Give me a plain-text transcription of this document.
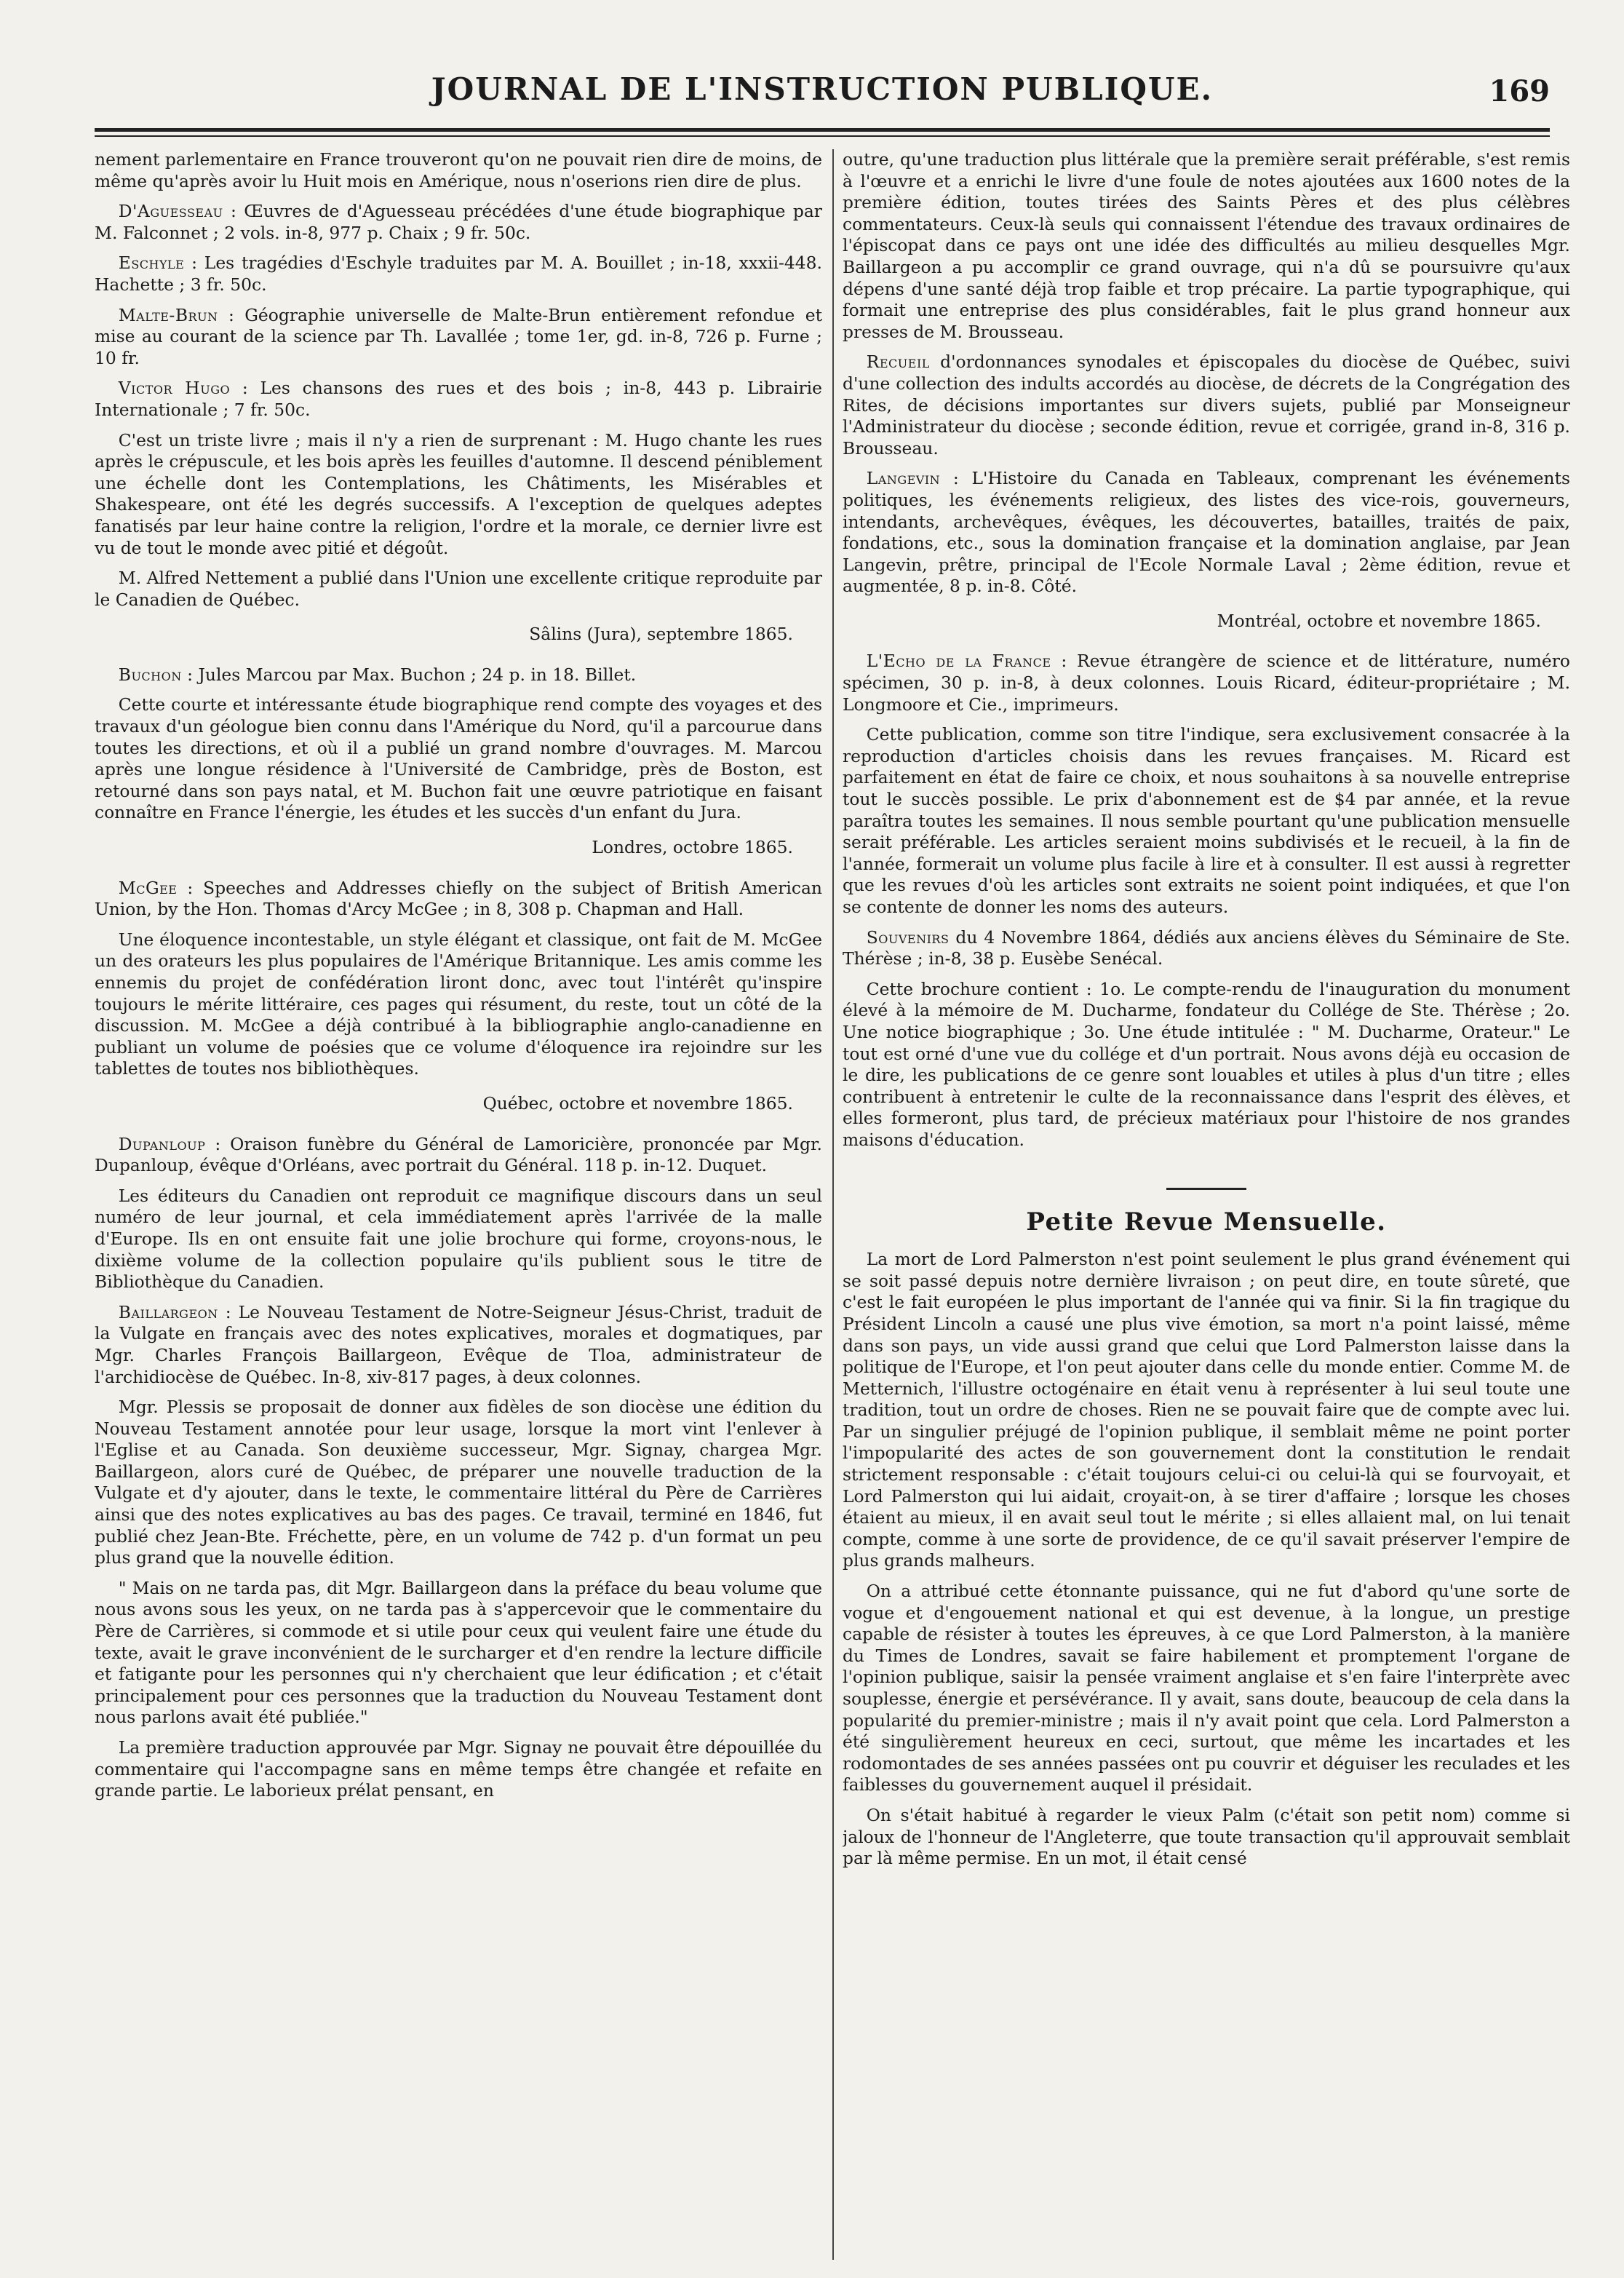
JOURNAL DE L'INSTRUCTION PUBLIQUE.	169

nement parlementaire en France trouveront qu'on ne pouvait rien dire de moins, de même qu'après avoir lu Huit mois en Amérique, nous n'oserions rien dire de plus.

D'Aguesseau : Œuvres de d'Aguesseau précédées d'une étude biographique par M. Falconnet ; 2 vols. in-8, 977 p. Chaix ; 9 fr. 50c.

Eschyle : Les tragédies d'Eschyle traduites par M. A. Bouillet ; in-18, xxxii-448. Hachette ; 3 fr. 50c.

Malte-Brun : Géographie universelle de Malte-Brun entièrement refondue et mise au courant de la science par Th. Lavallée ; tome 1er, gd. in-8, 726 p. Furne ; 10 fr.

Victor Hugo : Les chansons des rues et des bois ; in-8, 443 p. Librairie Internationale ; 7 fr. 50c.

C'est un triste livre ; mais il n'y a rien de surprenant : M. Hugo chante les rues après le crépuscule, et les bois après les feuilles d'automne. Il descend péniblement une échelle dont les Contemplations, les Châtiments, les Misérables et Shakespeare, ont été les degrés successifs. A l'exception de quelques adeptes fanatisés par leur haine contre la religion, l'ordre et la morale, ce dernier livre est vu de tout le monde avec pitié et dégoût.

M. Alfred Nettement a publié dans l'Union une excellente critique reproduite par le Canadien de Québec.

Sâlins (Jura), septembre 1865.

Buchon : Jules Marcou par Max. Buchon ; 24 p. in 18. Billet.

Cette courte et intéressante étude biographique rend compte des voyages et des travaux d'un géologue bien connu dans l'Amérique du Nord, qu'il a parcourue dans toutes les directions, et où il a publié un grand nombre d'ouvrages. M. Marcou après une longue résidence à l'Université de Cambridge, près de Boston, est retourné dans son pays natal, et M. Buchon fait une œuvre patriotique en faisant connaître en France l'énergie, les études et les succès d'un enfant du Jura.

Londres, octobre 1865.

McGee : Speeches and Addresses chiefly on the subject of British American Union, by the Hon. Thomas d'Arcy McGee ; in 8, 308 p. Chapman and Hall.

Une éloquence incontestable, un style élégant et classique, ont fait de M. McGee un des orateurs les plus populaires de l'Amérique Britannique. Les amis comme les ennemis du projet de confédération liront donc, avec tout l'intérêt qu'inspire toujours le mérite littéraire, ces pages qui résument, du reste, tout un côté de la discussion. M. McGee a déjà contribué à la bibliographie anglo-canadienne en publiant un volume de poésies que ce volume d'éloquence ira rejoindre sur les tablettes de toutes nos bibliothèques.

Québec, octobre et novembre 1865.

Dupanloup : Oraison funèbre du Général de Lamoricière, prononcée par Mgr. Dupanloup, évêque d'Orléans, avec portrait du Général. 118 p. in-12. Duquet.

Les éditeurs du Canadien ont reproduit ce magnifique discours dans un seul numéro de leur journal, et cela immédiatement après l'arrivée de la malle d'Europe. Ils en ont ensuite fait une jolie brochure qui forme, croyons-nous, le dixième volume de la collection populaire qu'ils publient sous le titre de Bibliothèque du Canadien.

Baillargeon : Le Nouveau Testament de Notre-Seigneur Jésus-Christ, traduit de la Vulgate en français avec des notes explicatives, morales et dogmatiques, par Mgr. Charles François Baillargeon, Evêque de Tloa, administrateur de l'archidiocèse de Québec. In-8, xiv-817 pages, à deux colonnes.

Mgr. Plessis se proposait de donner aux fidèles de son diocèse une édition du Nouveau Testament annotée pour leur usage, lorsque la mort vint l'enlever à l'Eglise et au Canada. Son deuxième successeur, Mgr. Signay, chargea Mgr. Baillargeon, alors curé de Québec, de préparer une nouvelle traduction de la Vulgate et d'y ajouter, dans le texte, le commentaire littéral du Père de Carrières ainsi que des notes explicatives au bas des pages. Ce travail, terminé en 1846, fut publié chez Jean-Bte. Fréchette, père, en un volume de 742 p. d'un format un peu plus grand que la nouvelle édition.

" Mais on ne tarda pas, dit Mgr. Baillargeon dans la préface du beau volume que nous avons sous les yeux, on ne tarda pas à s'appercevoir que le commentaire du Père de Carrières, si commode et si utile pour ceux qui veulent faire une étude du texte, avait le grave inconvénient de le surcharger et d'en rendre la lecture difficile et fatigante pour les personnes qui n'y cherchaient que leur édification ; et c'était principalement pour ces personnes que la traduction du Nouveau Testament dont nous parlons avait été publiée."

La première traduction approuvée par Mgr. Signay ne pouvait être dépouillée du commentaire qui l'accompagne sans en même temps être changée et refaite en grande partie. Le laborieux prélat pensant, en

outre, qu'une traduction plus littérale que la première serait préférable, s'est remis à l'œuvre et a enrichi le livre d'une foule de notes ajoutées aux 1600 notes de la première édition, toutes tirées des Saints Pères et des plus célèbres commentateurs. Ceux-là seuls qui connaissent l'étendue des travaux ordinaires de l'épiscopat dans ce pays ont une idée des difficultés au milieu desquelles Mgr. Baillargeon a pu accomplir ce grand ouvrage, qui n'a dû se poursuivre qu'aux dépens d'une santé déjà trop faible et trop précaire. La partie typographique, qui formait une entreprise des plus considérables, fait le plus grand honneur aux presses de M. Brousseau.

Recueil d'ordonnances synodales et épiscopales du diocèse de Québec, suivi d'une collection des indults accordés au diocèse, de décrets de la Congrégation des Rites, de décisions importantes sur divers sujets, publié par Monseigneur l'Administrateur du diocèse ; seconde édition, revue et corrigée, grand in-8, 316 p. Brousseau.

Langevin : L'Histoire du Canada en Tableaux, comprenant les événements politiques, les événements religieux, des listes des vice-rois, gouverneurs, intendants, archevêques, évêques, les découvertes, batailles, traités de paix, fondations, etc., sous la domination française et la domination anglaise, par Jean Langevin, prêtre, principal de l'Ecole Normale Laval ; 2ème édition, revue et augmentée, 8 p. in-8. Côté.

Montréal, octobre et novembre 1865.

L'Echo de la France : Revue étrangère de science et de littérature, numéro spécimen, 30 p. in-8, à deux colonnes. Louis Ricard, éditeur-propriétaire ; M. Longmoore et Cie., imprimeurs.

Cette publication, comme son titre l'indique, sera exclusivement consacrée à la reproduction d'articles choisis dans les revues françaises. M. Ricard est parfaitement en état de faire ce choix, et nous souhaitons à sa nouvelle entreprise tout le succès possible. Le prix d'abonnement est de $4 par année, et la revue paraîtra toutes les semaines. Il nous semble pourtant qu'une publication mensuelle serait préférable. Les articles seraient moins subdivisés et le recueil, à la fin de l'année, formerait un volume plus facile à lire et à consulter. Il est aussi à regretter que les revues d'où les articles sont extraits ne soient point indiquées, et que l'on se contente de donner les noms des auteurs.

Souvenirs du 4 Novembre 1864, dédiés aux anciens élèves du Séminaire de Ste. Thérèse ; in-8, 38 p. Eusèbe Senécal.

Cette brochure contient : 1o. Le compte-rendu de l'inauguration du monument élevé à la mémoire de M. Ducharme, fondateur du Collége de Ste. Thérèse ; 2o. Une notice biographique ; 3o. Une étude intitulée : " M. Ducharme, Orateur." Le tout est orné d'une vue du collége et d'un portrait. Nous avons déjà eu occasion de le dire, les publications de ce genre sont louables et utiles à plus d'un titre ; elles contribuent à entretenir le culte de la reconnaissance dans l'esprit des élèves, et elles formeront, plus tard, de précieux matériaux pour l'histoire de nos grandes maisons d'éducation.

Petite Revue Mensuelle.

La mort de Lord Palmerston n'est point seulement le plus grand événement qui se soit passé depuis notre dernière livraison ; on peut dire, en toute sûreté, que c'est le fait européen le plus important de l'année qui va finir. Si la fin tragique du Président Lincoln a causé une plus vive émotion, sa mort n'a point laissé, même dans son pays, un vide aussi grand que celui que Lord Palmerston laisse dans la politique de l'Europe, et l'on peut ajouter dans celle du monde entier. Comme M. de Metternich, l'illustre octogénaire en était venu à représenter à lui seul toute une tradition, tout un ordre de choses. Rien ne se pouvait faire que de compte avec lui. Par un singulier préjugé de l'opinion publique, il semblait même ne point porter l'impopularité des actes de son gouvernement dont la constitution le rendait strictement responsable : c'était toujours celui-ci ou celui-là qui se fourvoyait, et Lord Palmerston qui lui aidait, croyait-on, à se tirer d'affaire ; lorsque les choses étaient au mieux, il en avait seul tout le mérite ; si elles allaient mal, on lui tenait compte, comme à une sorte de providence, de ce qu'il savait préserver l'empire de plus grands malheurs.

On a attribué cette étonnante puissance, qui ne fut d'abord qu'une sorte de vogue et d'engouement national et qui est devenue, à la longue, un prestige capable de résister à toutes les épreuves, à ce que Lord Palmerston, à la manière du Times de Londres, savait se faire habilement et promptement l'organe de l'opinion publique, saisir la pensée vraiment anglaise et s'en faire l'interprète avec souplesse, énergie et persévérance. Il y avait, sans doute, beaucoup de cela dans la popularité du premier-ministre ; mais il n'y avait point que cela. Lord Palmerston a été singulièrement heureux en ceci, surtout, que même les incartades et les rodomontades de ses années passées ont pu couvrir et déguiser les reculades et les faiblesses du gouvernement auquel il présidait.

On s'était habitué à regarder le vieux Palm (c'était son petit nom) comme si jaloux de l'honneur de l'Angleterre, que toute transaction qu'il approuvait semblait par là même permise. En un mot, il était censé
